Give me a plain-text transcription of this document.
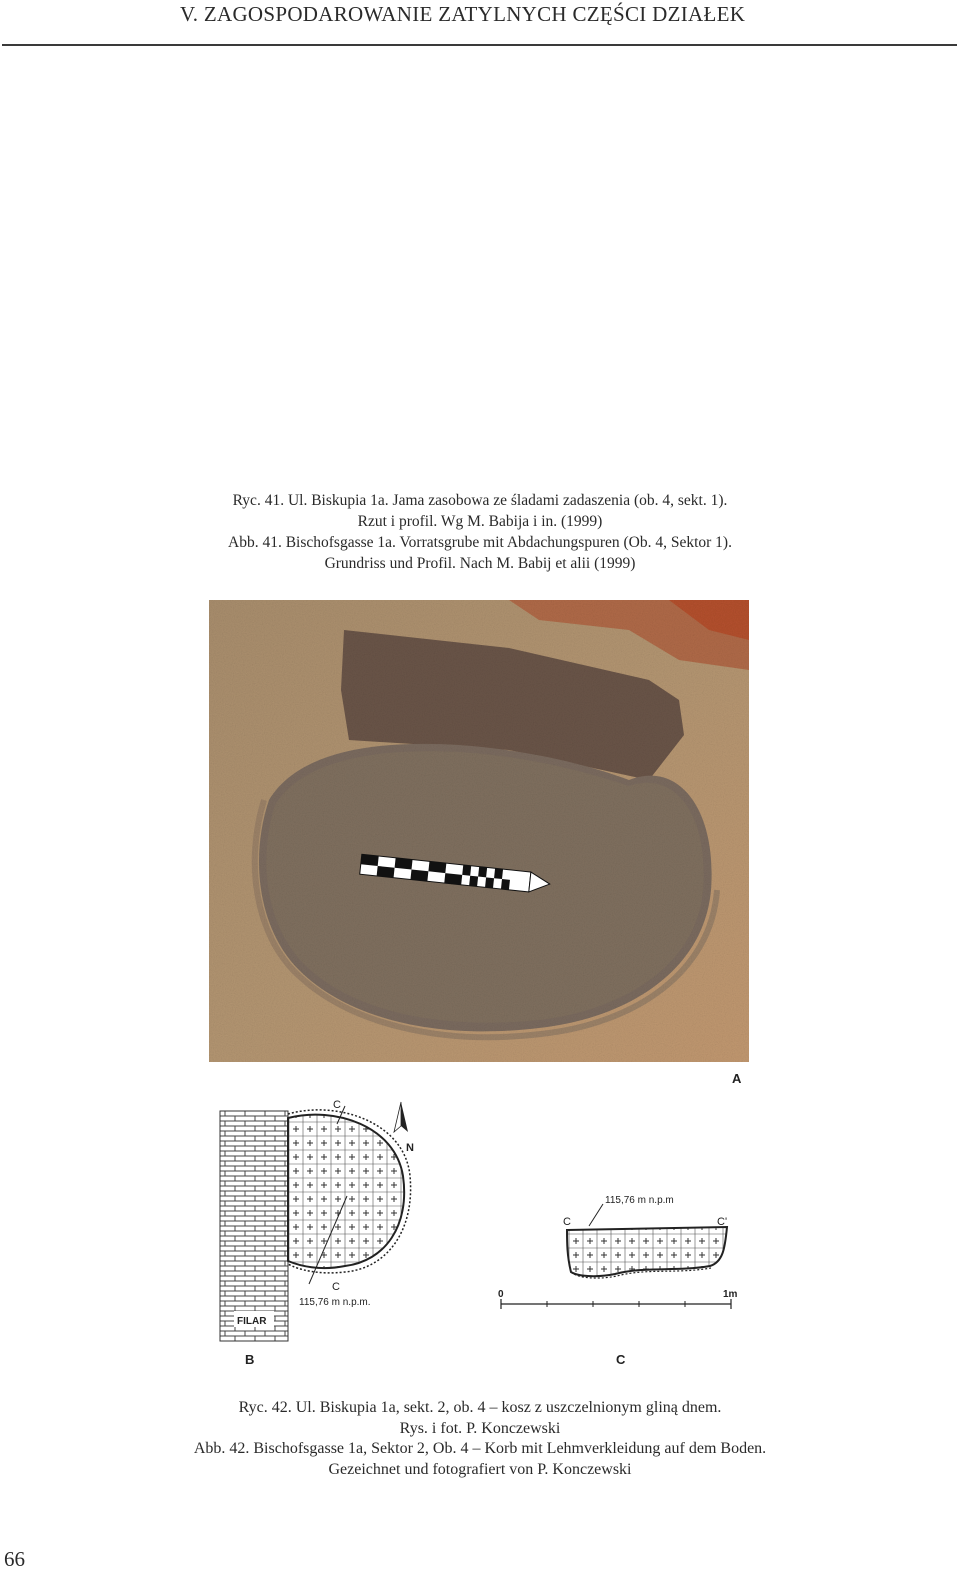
V. ZAGOSPODAROWANIE ZATYLNYCH CZĘŚCI DZIAŁEK
Ryc. 41. Ul. Biskupia 1a. Jama zasobowa ze śladami zadaszenia (ob. 4, sekt. 1).
Rzut i profil. Wg M. Babija i in. (1999)
Abb. 41. Bischofsgasse 1a. Vorratsgrube mit Abdachungspuren (Ob. 4, Sektor 1).
Grundriss und Profil. Nach M. Babij et alii (1999)
A
C
C
115,76 m n.p.m.
FILAR
N
B
115,76 m n.p.m
C	C'
0	1m
C
Ryc. 42. Ul. Biskupia 1a, sekt. 2, ob. 4 – kosz z uszczelnionym gliną dnem.
Rys. i fot. P. Konczewski
Abb. 42. Bischofsgasse 1a, Sektor 2, Ob. 4 – Korb mit Lehmverkleidung auf dem Boden.
Gezeichnet und fotografiert von P. Konczewski
66
